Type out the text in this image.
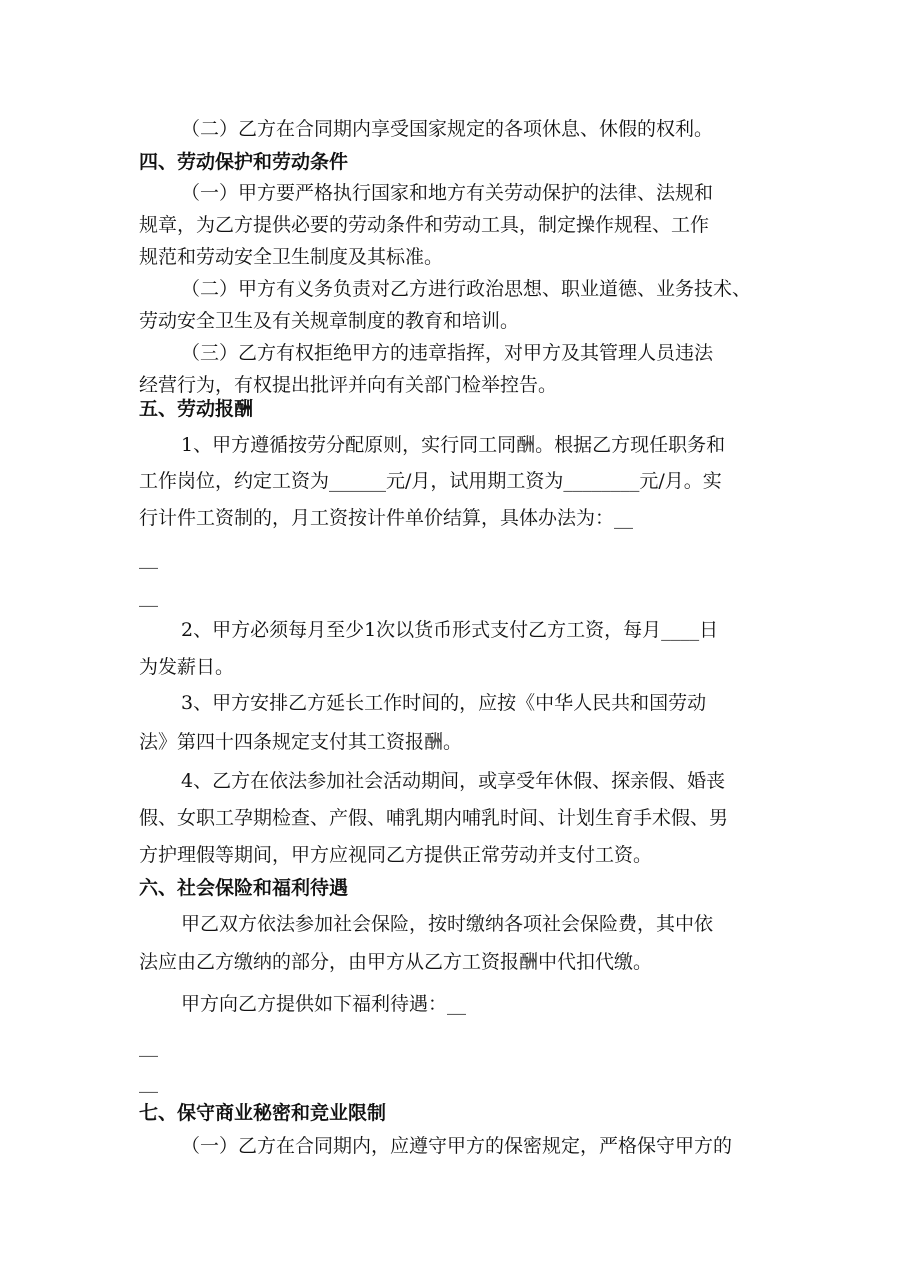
（二）乙方在合同期内享受国家规定的各项休息、休假的权利。
四、劳动保护和劳动条件
（一）甲方要严格执行国家和地方有关劳动保护的法律、法规和
规章，为乙方提供必要的劳动条件和劳动工具，制定操作规程、工作
规范和劳动安全卫生制度及其标准。
（二）甲方有义务负责对乙方进行政治思想、职业道德、业务技术、
劳动安全卫生及有关规章制度的教育和培训。
（三）乙方有权拒绝甲方的违章指挥，对甲方及其管理人员违法
经营行为，有权提出批评并向有关部门检举控告。
五、劳动报酬
1、甲方遵循按劳分配原则，实行同工同酬。根据乙方现任职务和
工作岗位，约定工资为______元/月，试用期工资为________元/月。实
行计件工资制的，月工资按计件单价结算，具体办法为：__
__
__
2、甲方必须每月至少1次以货币形式支付乙方工资，每月____日
为发薪日。
3、甲方安排乙方延长工作时间的，应按《中华人民共和国劳动
法》第四十四条规定支付其工资报酬。
4、乙方在依法参加社会活动期间，或享受年休假、探亲假、婚丧
假、女职工孕期检查、产假、哺乳期内哺乳时间、计划生育手术假、男
方护理假等期间，甲方应视同乙方提供正常劳动并支付工资。
六、社会保险和福利待遇
甲乙双方依法参加社会保险，按时缴纳各项社会保险费，其中依
法应由乙方缴纳的部分，由甲方从乙方工资报酬中代扣代缴。
甲方向乙方提供如下福利待遇：__
__
__
七、保守商业秘密和竞业限制
（一）乙方在合同期内，应遵守甲方的保密规定，严格保守甲方的
